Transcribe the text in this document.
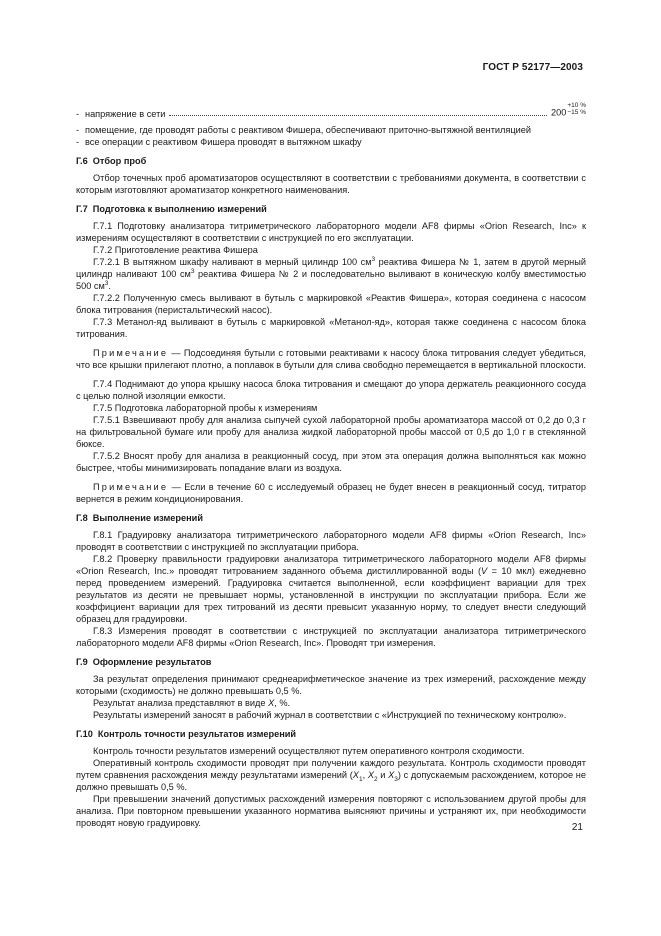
ГОСТ Р 52177—2003
- напряжение в сети	200
+10 %
−15 %

- помещение, где проводят работы с реактивом Фишера, обеспечивают приточно-вытяжной вентиляцией

- все операции с реактивом Фишера проводят в вытяжном шкафу

Г.6 Отбор проб

Отбор точечных проб ароматизаторов осуществляют в соответствии с требованиями документа, в соответствии с которым изготовляют ароматизатор конкретного наименования.

Г.7 Подготовка к выполнению измерений

Г.7.1 Подготовку анализатора титриметрического лабораторного модели AF8 фирмы «Orion Research, Inc» к измерениям осуществляют в соответствии с инструкцией по его эксплуатации.

Г.7.2 Приготовление реактива Фишера

Г.7.2.1 В вытяжном шкафу наливают в мерный цилиндр 100 $см^3$ реактива Фишера № 1, затем в другой мерный цилиндр наливают 100 $см^3$ реактива Фишера № 2 и последовательно выливают в коническую колбу вместимостью 500 $см^3$.

Г.7.2.2 Полученную смесь выливают в бутыль с маркировкой «Реактив Фишера», которая соединена с насосом блока титрования (перистальтический насос).

Г.7.3 Метанол-яд выливают в бутыль с маркировкой «Метанол-яд», которая также соединена с насосом блока титрования.

Примечание — Подсоединяя бутыли с готовыми реактивами к насосу блока титрования следует убедиться, что все крышки прилегают плотно, а поплавок в бутыли для слива свободно перемещается в вертикальной плоскости.

Г.7.4 Поднимают до упора крышку насоса блока титрования и смещают до упора держатель реакционного сосуда с целью полной изоляции емкости.

Г.7.5 Подготовка лабораторной пробы к измерениям

Г.7.5.1 Взвешивают пробу для анализа сыпучей сухой лабораторной пробы ароматизатора массой от 0,2 до 0,3 г на фильтровальной бумаге или пробу для анализа жидкой лабораторной пробы массой от 0,5 до 1,0 г в стеклянной бюксе.

Г.7.5.2 Вносят пробу для анализа в реакционный сосуд, при этом эта операция должна выполняться как можно быстрее, чтобы минимизировать попадание влаги из воздуха.

Примечание — Если в течение 60 с исследуемый образец не будет внесен в реакционный сосуд, титратор вернется в режим кондиционирования.

Г.8 Выполнение измерений

Г.8.1 Градуировку анализатора титриметрического лабораторного модели AF8 фирмы «Orion Research, Inc» проводят в соответствии с инструкцией по эксплуатации прибора.

Г.8.2 Проверку правильности градуировки анализатора титриметрического лабораторного модели AF8 фирмы «Orion Research, Inc.» проводят титрованием заданного объема дистиллированной воды (V = 10 мкл) ежедневно перед проведением измерений. Градуировка считается выполненной, если коэффициент вариации для трех результатов из десяти не превышает нормы, установленной в инструкции по эксплуатации прибора. Если же коэффициент вариации для трех титрований из десяти превысит указанную норму, то следует внести следующий образец для градуировки.

Г.8.3 Измерения проводят в соответствии с инструкцией по эксплуатации анализатора титриметрического лабораторного модели AF8 фирмы «Orion Research, Inc». Проводят три измерения.

Г.9 Оформление результатов

За результат определения принимают среднеарифметическое значение из трех измерений, расхождение между которыми (сходимость) не должно превышать 0,5 %.

Результат анализа представляют в виде X, %.

Результаты измерений заносят в рабочий журнал в соответствии с «Инструкцией по техническому контролю».

Г.10 Контроль точности результатов измерений

Контроль точности результатов измерений осуществляют путем оперативного контроля сходимости.

Оперативный контроль сходимости проводят при получении каждого результата. Контроль сходимости проводят путем сравнения расхождения между результатами измерений ($X_1$, $X_2$ и $X_3$) с допускаемым расхождением, которое не должно превышать 0,5 %.

При превышении значений допустимых расхождений измерения повторяют с использованием другой пробы для анализа. При повторном превышении указанного норматива выясняют причины и устраняют их, при необходимости проводят новую градуировку.	21
